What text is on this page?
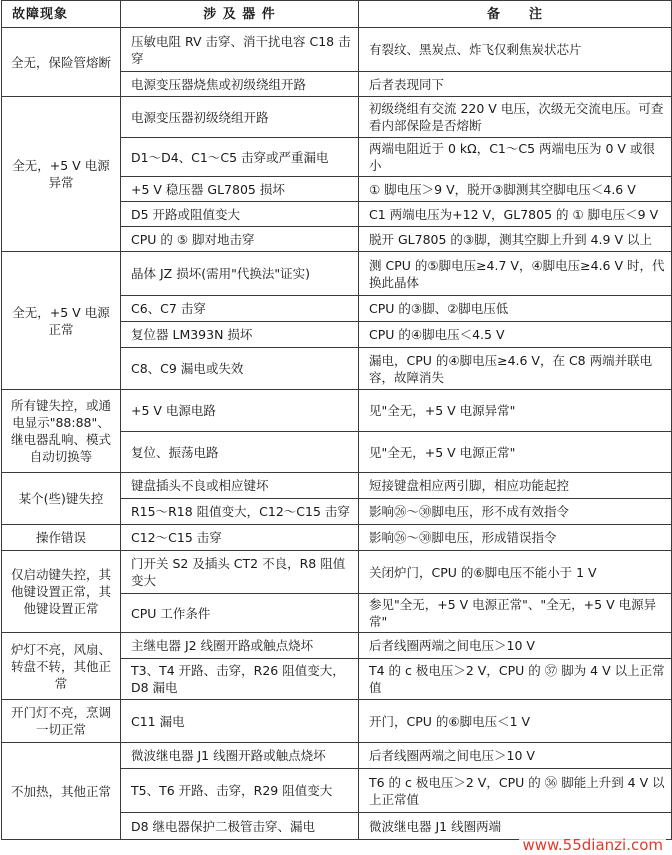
故障现象	涉 及 器 件	备　　注
全无，保险管熔断	压敏电阻 RV 击穿、消干扰电容 C18 击穿	有裂纹、黑炭点、炸飞仅剩焦炭状芯片
	电源变压器烧焦或初级绕组开路	后者表现同下
全无，+5 V 电源异常	电源变压器初级绕组开路	初级绕组有交流 220 V 电压，次级无交流电压。可查看内部保险是否熔断
	D1～D4、C1～C5 击穿或严重漏电	两端电阻近于 0 kΩ，C1～C5 两端电压为 0 V 或很小
	+5 V 稳压器 GL7805 损坏	① 脚电压＞9 V，脱开③脚测其空脚电压＜4.6 V
	D5 开路或阻值变大	C1 两端电压为+12 V，GL7805 的 ① 脚电压＜9 V
	CPU 的 ⑤ 脚对地击穿	脱开 GL7805 的③脚，测其空脚上升到 4.9 V 以上
全无，+5 V 电源正常	晶体 JZ 损坏(需用"代换法"证实)	测 CPU 的⑤脚电压≥4.7 V，④脚电压≥4.6 V 时，代换此晶体
	C6、C7 击穿	CPU 的③脚、②脚电压低
	复位器 LM393N 损坏	CPU 的④脚电压＜4.5 V
	C8、C9 漏电或失效	漏电，CPU 的④脚电压≥4.6 V，在 C8 两端并联电容，故障消失
所有键失控，或通电显示"88:88"、继电器乱响、模式自动切换等	+5 V 电源电路	见"全无，+5 V 电源异常"
	复位、振荡电路	见"全无，+5 V 电源正常"
某个(些)键失控	键盘插头不良或相应键坏	短接键盘相应两引脚，相应功能起控
	R15～R18 阻值变大，C12～C15 击穿	影响㉖～㉚脚电压，形不成有效指令
操作错误	C12～C15 击穿	影响㉖～㉚脚电压，形成错误指令
仅启动键失控，其他键设置正常，其他键设置正常	门开关 S2 及插头 CT2 不良，R8 阻值变大	关闭炉门，CPU 的⑥脚电压不能小于 1 V
	CPU 工作条件	参见"全无，+5 V 电源正常"、"全无，+5 V 电源异常"
炉灯不亮，风扇、转盘不转，其他正常	主继电器 J2 线圈开路或触点烧坏	后者线圈两端之间电压＞10 V
	T3、T4 开路、击穿，R26 阻值变大，D8 漏电	T4 的 c 极电压＞2 V，CPU 的 ㊲ 脚为 4 V 以上正常值
开门灯不亮，烹调一切正常	C11 漏电	开门，CPU 的⑥脚电压＜1 V
不加热，其他正常	微波继电器 J1 线圈开路或触点烧坏	后者线圈两端之间电压＞10 V
	T5、T6 开路、击穿，R29 阻值变大	T6 的 c 极电压＞2 V，CPU 的 ㊱ 脚能上升到 4 V 以上正常值
	D8 继电器保护二极管击穿、漏电	微波继电器 J1 线圈两端
www.55dianzi.com
